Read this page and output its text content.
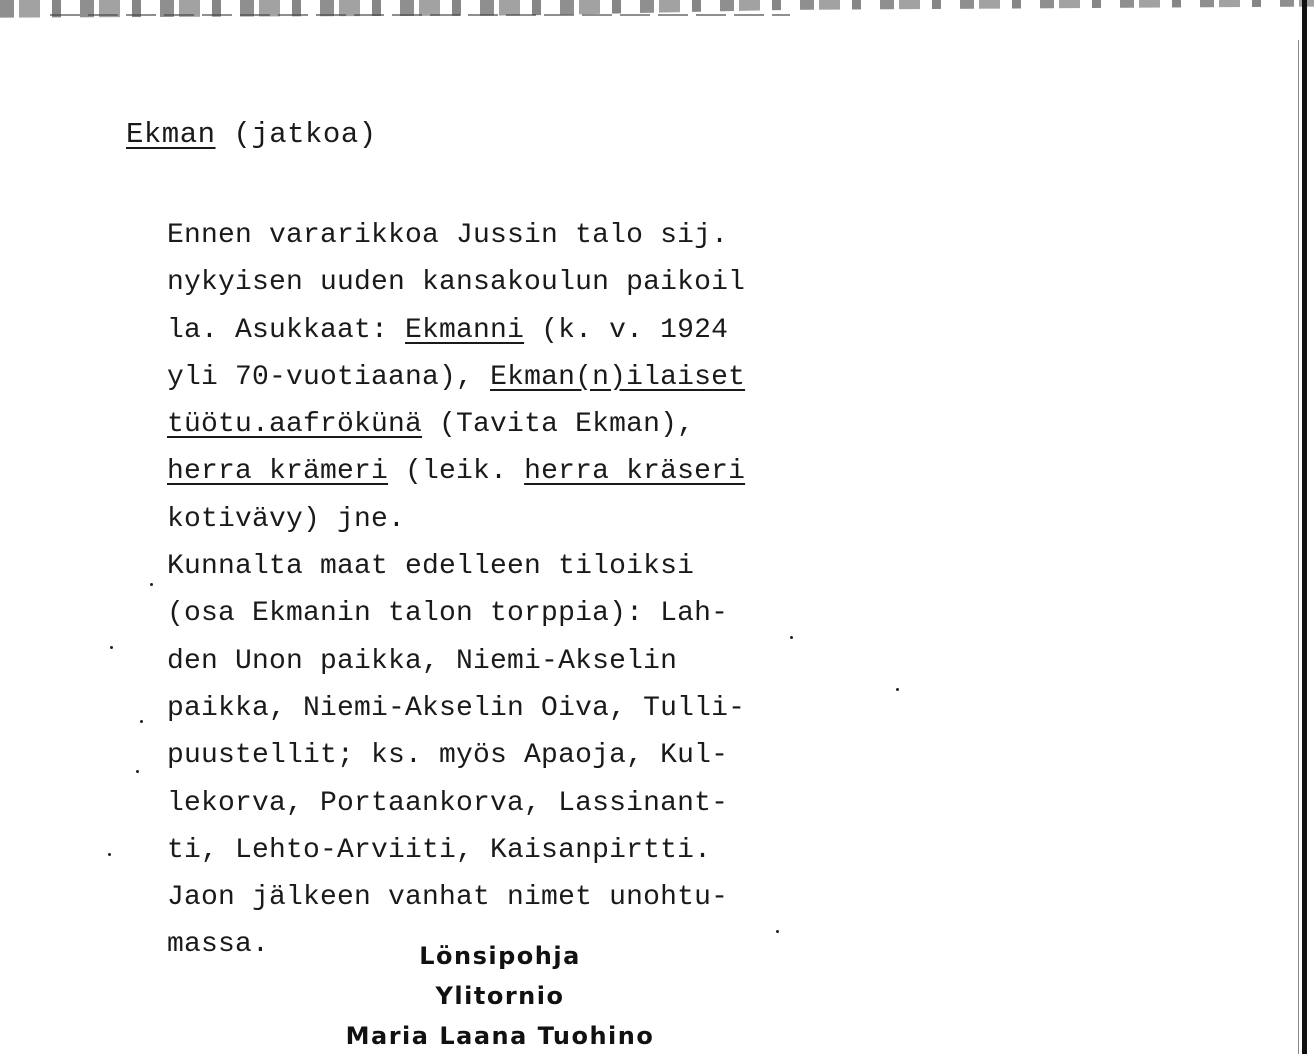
Ekman (jatkoa)
Ennen vararikkoa Jussin talo sij.
nykyisen uuden kansakoulun paikoil
la. Asukkaat: Ekmanni (k. v. 1924
yli 70-vuotiaana), Ekman(n)ilaiset
tüötu.aafrökünä (Tavita Ekman),
herra krämeri (leik. herra kräseri
kotivävy) jne.
Kunnalta maat edelleen tiloiksi
(osa Ekmanin talon torppia): Lah-
den Unon paikka, Niemi-Akselin
paikka, Niemi-Akselin Oiva, Tulli-
puustellit; ks. myös Apaoja, Kul-
lekorva, Portaankorva, Lassinant-
ti, Lehto-Arviiti, Kaisanpirtti.
Jaon jälkeen vanhat nimet unohtu-
massa.	Lönsipohja
Ylitornio
Maria Laana Tuohino
